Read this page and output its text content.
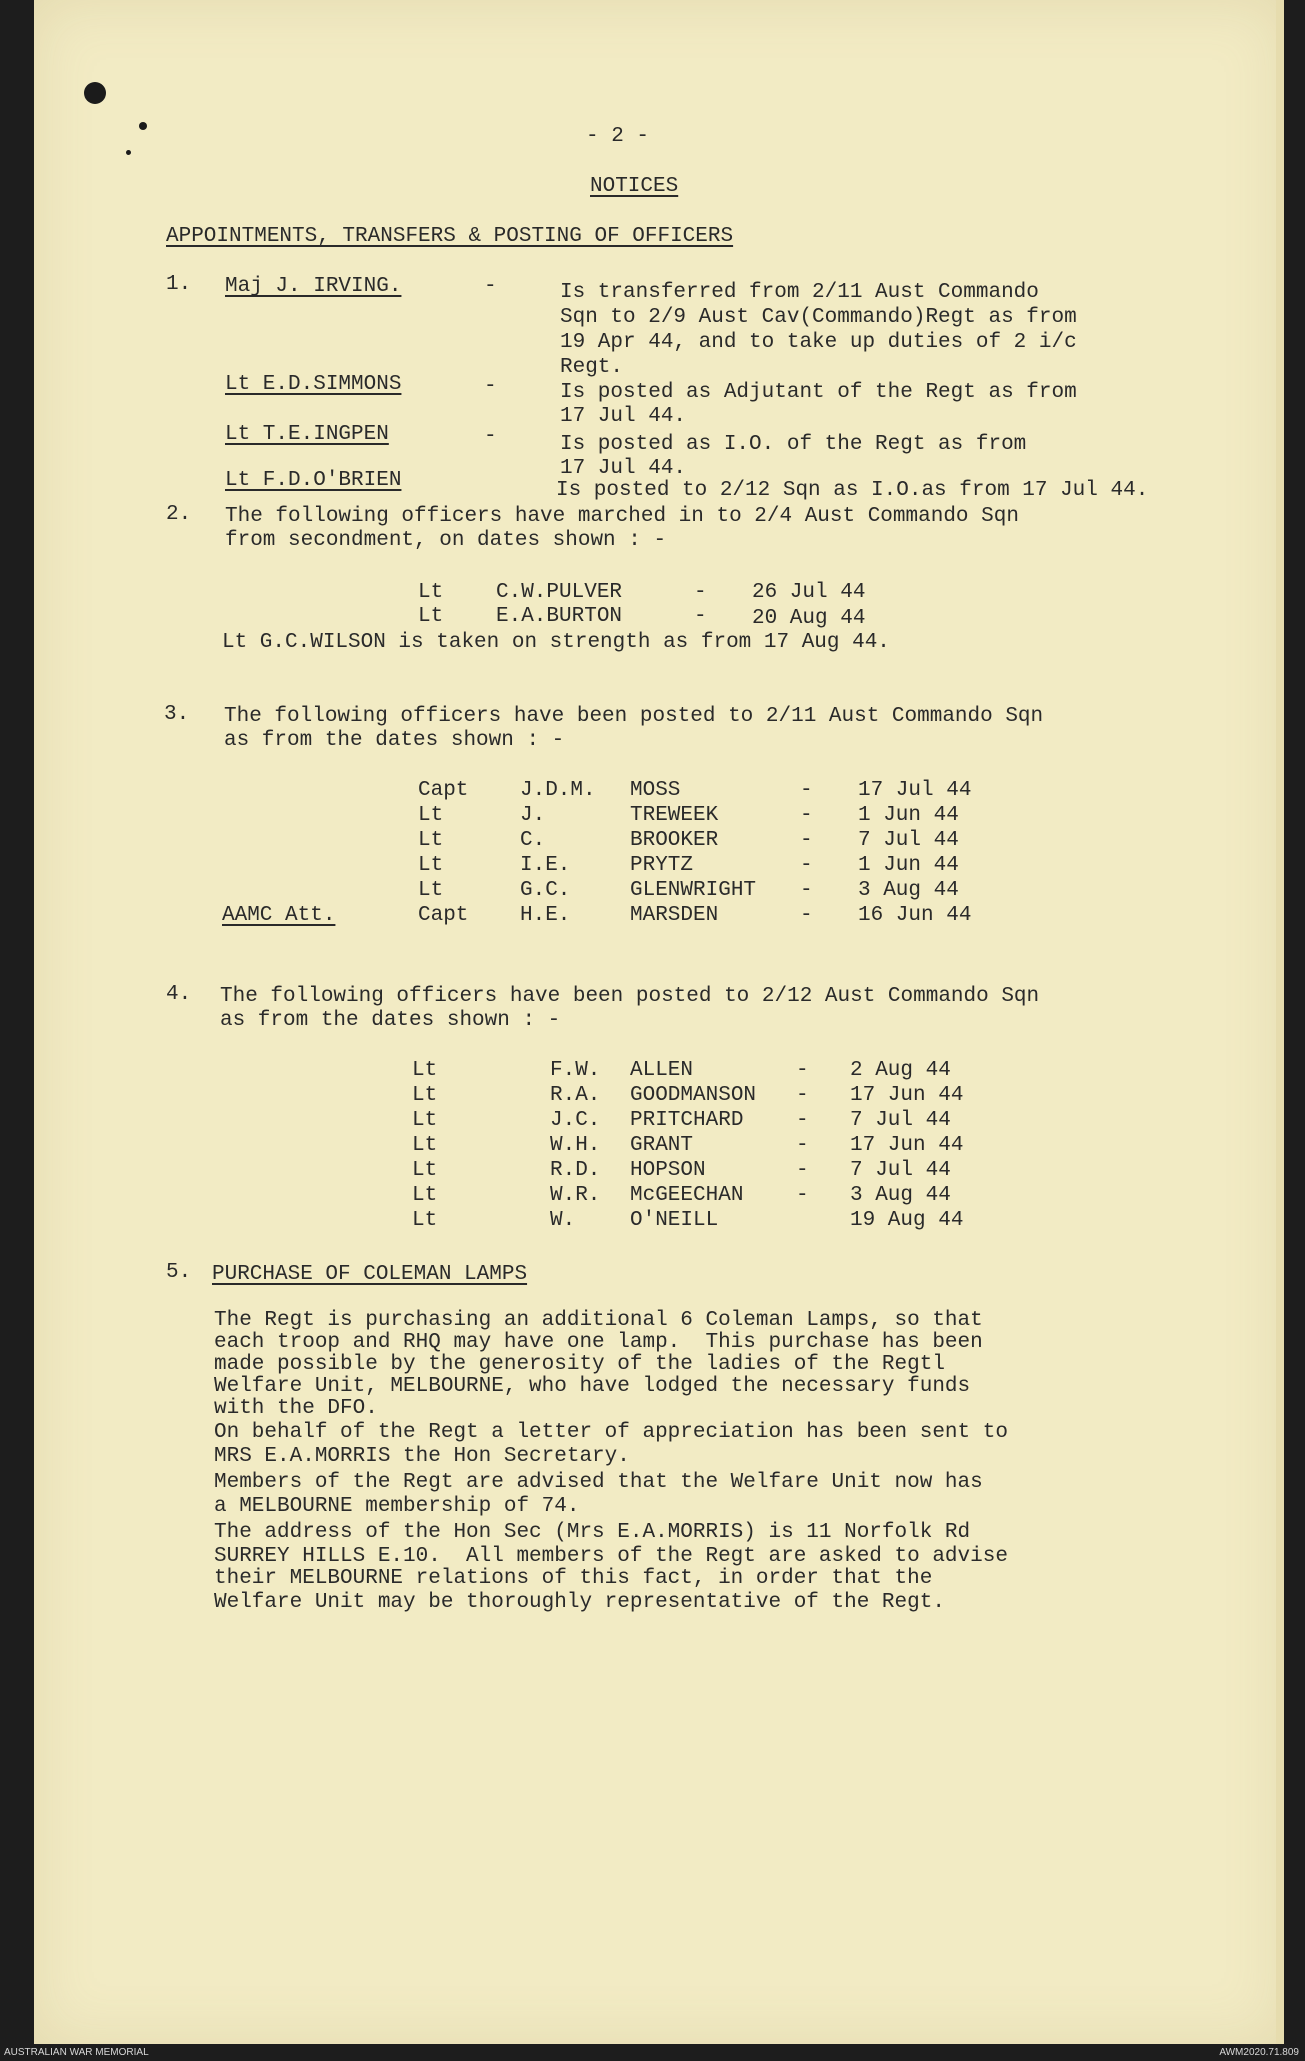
- 2 -
NOTICES
APPOINTMENTS, TRANSFERS & POSTING OF OFFICERS
1. Maj J. IRVING.	-	Is transferred from 2/11 Aust Commando
Sqn to 2/9 Aust Cav(Commando)Regt as from
19 Apr 44, and to take up duties of 2 i/c
Regt.
Lt E.D.SIMMONS	-	Is posted as Adjutant of the Regt as from
17 Jul 44.
Lt T.E.INGPEN	-	Is posted as I.O. of the Regt as from
17 Jul 44.
Lt F.D.O'BRIEN	Is posted to 2/12 Sqn as I.O.as from 17 Jul 44.
2. The following officers have marched in to 2/4 Aust Commando Sqn
from secondment, on dates shown : -
Lt	C.W.PULVER	- 26 Jul 44
Lt	E.A.BURTON	- 20 Aug 44
Lt G.C.WILSON is taken on strength as from 17 Aug 44.
3. The following officers have been posted to 2/11 Aust Commando Sqn
as from the dates shown : -
Capt J.D.M. MOSS	- 17 Jul 44
Lt	J.	TREWEEK	- 1 Jun 44
Lt	C.	BROOKER	- 7 Jul 44
Lt	I.E.	PRYTZ	- 1 Jun 44
Lt	G.C.	GLENWRIGHT - 3 Aug 44
AAMC Att.	Capt H.E.	MARSDEN	- 16 Jun 44
4. The following officers have been posted to 2/12 Aust Commando Sqn
as from the dates shown : -
Lt	F.W. ALLEN	- 2 Aug 44
Lt	R.A. GOODMANSON - 17 Jun 44
Lt	J.C. PRITCHARD	- 7 Jul 44
Lt	W.H. GRANT	- 17 Jun 44
Lt	R.D. HOPSON	- 7 Jul 44
Lt	W.R. McGEECHAN	- 3 Aug 44
Lt	W.	O'NEILL	19 Aug 44
5. PURCHASE OF COLEMAN LAMPS
The Regt is purchasing an additional 6 Coleman Lamps, so that
each troop and RHQ may have one lamp.  This purchase has been
made possible by the generosity of the ladies of the Regtl
Welfare Unit, MELBOURNE, who have lodged the necessary funds
with the DFO.
On behalf of the Regt a letter of appreciation has been sent to
MRS E.A.MORRIS the Hon Secretary.
Members of the Regt are advised that the Welfare Unit now has
a MELBOURNE membership of 74.
The address of the Hon Sec (Mrs E.A.MORRIS) is 11 Norfolk Rd
SURREY HILLS E.10.  All members of the Regt are asked to advise
their MELBOURNE relations of this fact, in order that the
Welfare Unit may be thoroughly representative of the Regt.
AUSTRALIAN WAR MEMORIAL	AWM2020.71.809
